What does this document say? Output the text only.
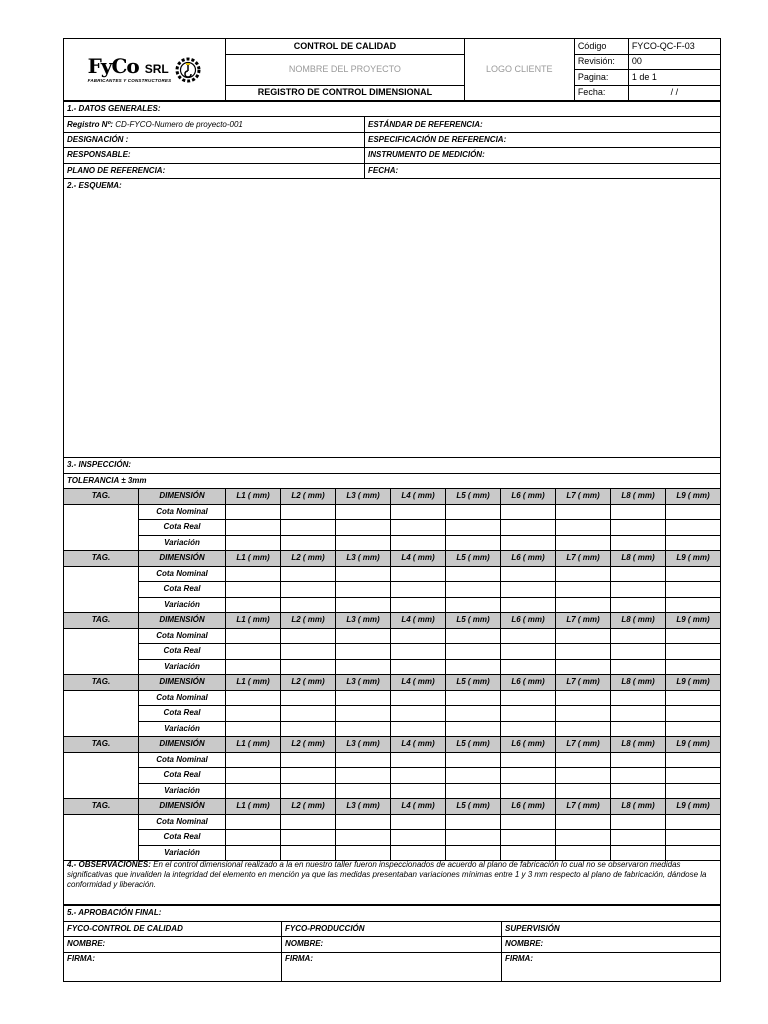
FyCo SRL
FABRICANTES Y CONSTRUCTORES	CONTROL DE CALIDAD	LOGO CLIENTE	Código	FYCO-QC-F-03
	NOMBRE DEL PROYECTO		Revisión:	00
			Pagina:	1 de 1
	REGISTRO DE CONTROL DIMENSIONAL		Fecha:	/ /
1.- DATOS GENERALES:	
Registro Nº: CD-FYCO-Numero de proyecto-001	ESTÁNDAR DE REFERENCIA:
DESIGNACIÓN :	ESPECIFICACIÓN DE REFERENCIA:
RESPONSABLE:	INSTRUMENTO DE MEDICIÓN:
PLANO DE REFERENCIA:	FECHA:
2.- ESQUEMA:
3.- INSPECCIÓN:										
TOLERANCIA ± 3mm										
TAG.	DIMENSIÓN	L1 ( mm)	L2 ( mm)	L3 ( mm)	L4 ( mm)	L5 ( mm)	L6 ( mm)	L7 ( mm)	L8 ( mm)	L9 ( mm)
	Cota Nominal									
	Cota Real									
	Variación									
TAG.	DIMENSIÓN	L1 ( mm)	L2 ( mm)	L3 ( mm)	L4 ( mm)	L5 ( mm)	L6 ( mm)	L7 ( mm)	L8 ( mm)	L9 ( mm)
	Cota Nominal									
	Cota Real									
	Variación									
TAG.	DIMENSIÓN	L1 ( mm)	L2 ( mm)	L3 ( mm)	L4 ( mm)	L5 ( mm)	L6 ( mm)	L7 ( mm)	L8 ( mm)	L9 ( mm)
	Cota Nominal									
	Cota Real									
	Variación									
TAG.	DIMENSIÓN	L1 ( mm)	L2 ( mm)	L3 ( mm)	L4 ( mm)	L5 ( mm)	L6 ( mm)	L7 ( mm)	L8 ( mm)	L9 ( mm)
	Cota Nominal									
	Cota Real									
	Variación									
TAG.	DIMENSIÓN	L1 ( mm)	L2 ( mm)	L3 ( mm)	L4 ( mm)	L5 ( mm)	L6 ( mm)	L7 ( mm)	L8 ( mm)	L9 ( mm)
	Cota Nominal									
	Cota Real									
	Variación									
TAG.	DIMENSIÓN	L1 ( mm)	L2 ( mm)	L3 ( mm)	L4 ( mm)	L5 ( mm)	L6 ( mm)	L7 ( mm)	L8 ( mm)	L9 ( mm)
	Cota Nominal									
	Cota Real									
	Variación									
4.- OBSERVACIONES: En el control dimensional realizado a la en nuestro taller fueron inspeccionados de acuerdo al plano de fabricación lo cual no se observaron medidas significativas que invaliden la integridad del elemento en mención ya que las medidas presentaban variaciones mínimas entre 1 y 3 mm respecto al plano de fabricación, dándose la conformidad y liberación.
5.- APROBACIÓN FINAL:		
FYCO-CONTROL DE CALIDAD	FYCO-PRODUCCIÓN	SUPERVISIÓN
NOMBRE:	NOMBRE:	NOMBRE:
FIRMA:	FIRMA:	FIRMA:
